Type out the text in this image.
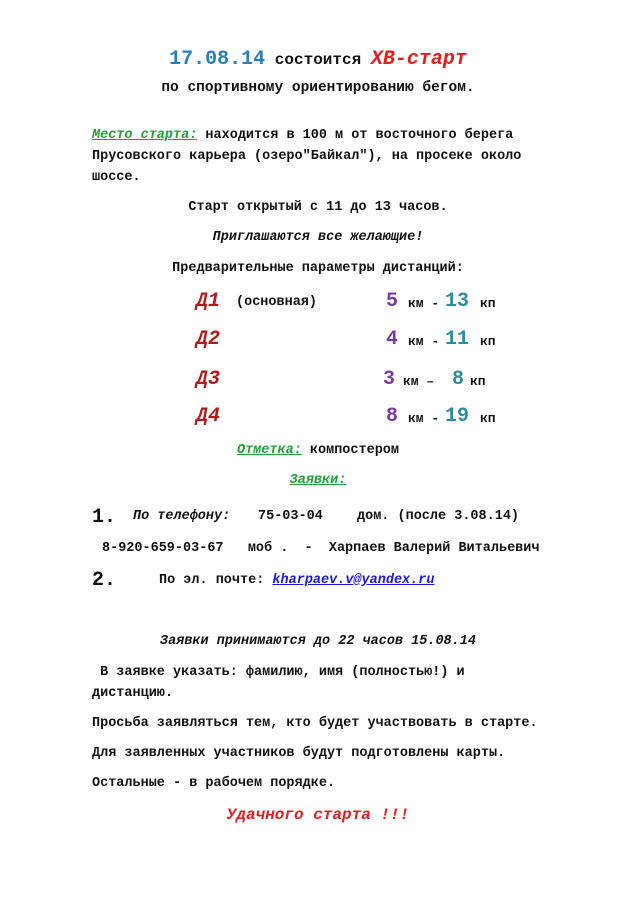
17.08.14 состоится ХВ-старт
по спортивному ориентированию бегом.
Место старта: находится в 100 м от восточного берега
Прусовского карьера (озеро"Байкал"), на просеке около
шоссе.
Старт открытый с 11 до 13 часов.
Приглашаются все желающие!
Предварительные параметры дистанций:
Д1 (основная)	5 км - 13 кп
Д2	4 км - 11 кп
Д3	3 км – 8 кп
Д4	8 км - 19 кп
Отметка: компостером
Заявки:
1. По телефону: 75-03-04	дом. (после 3.08.14)
8-920-659-03-67   моб .  -  Харпаев Валерий Витальевич
2.	По эл. почте: kharpaev.v@yandex.ru
Заявки принимаются до 22 часов 15.08.14
В заявке указать: фамилию, имя (полностью!) и
дистанцию.
Просьба заявляться тем, кто будет участвовать в старте.
Для заявленных участников будут подготовлены карты.
Остальные - в рабочем порядке.
Удачного старта !!!
